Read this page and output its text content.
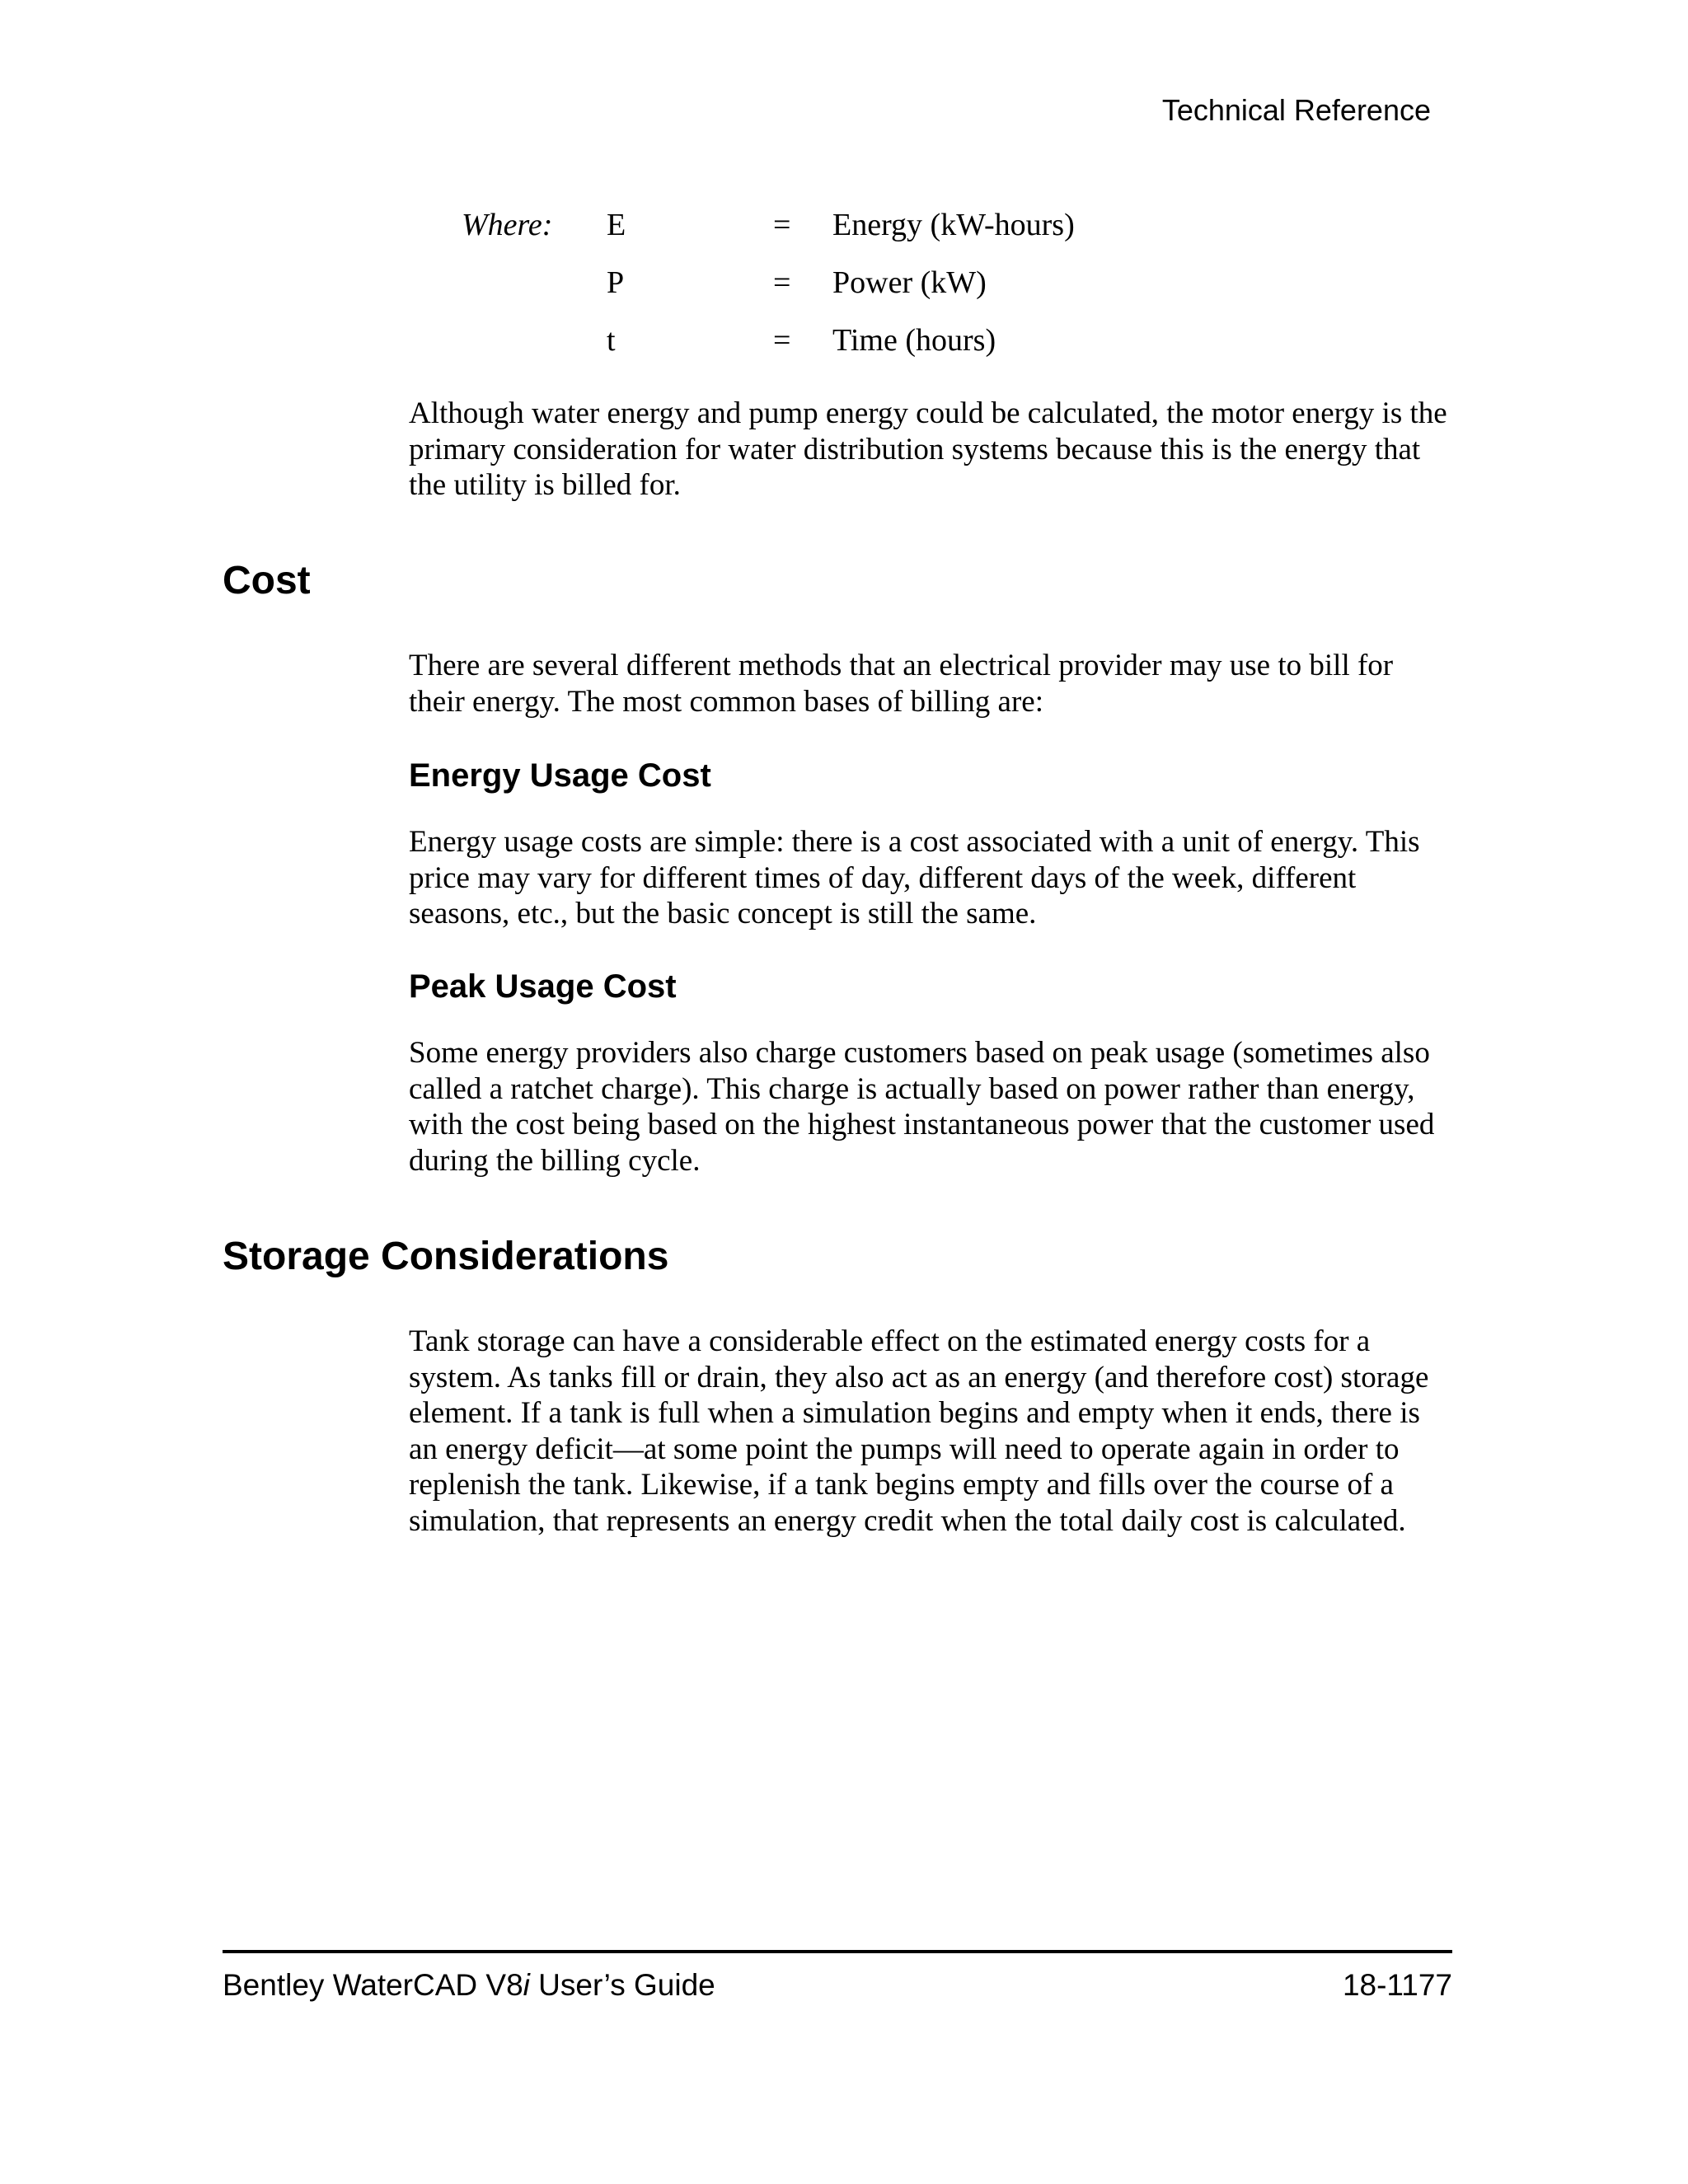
Technical Reference
Where: E	= Energy (kW-hours)
P	= Power (kW)
t	= Time (hours)

Although water energy and pump energy could be calculated, the motor energy is the primary consideration for water distribution systems because this is the energy that the utility is billed for.

Cost

There are several different methods that an electrical provider may use to bill for their energy. The most common bases of billing are:

Energy Usage Cost

Energy usage costs are simple: there is a cost associated with a unit of energy. This price may vary for different times of day, different days of the week, different seasons, etc., but the basic concept is still the same.

Peak Usage Cost

Some energy providers also charge customers based on peak usage (sometimes also called a ratchet charge). This charge is actually based on power rather than energy, with the cost being based on the highest instantaneous power that the customer used during the billing cycle.

Storage Considerations

Tank storage can have a considerable effect on the estimated energy costs for a system. As tanks fill or drain, they also act as an energy (and therefore cost) storage element. If a tank is full when a simulation begins and empty when it ends, there is an energy deficit—at some point the pumps will need to operate again in order to replenish the tank. Likewise, if a tank begins empty and fills over the course of a simulation, that represents an energy credit when the total daily cost is calculated.

Bentley WaterCAD V8i User’s Guide	18-1177
